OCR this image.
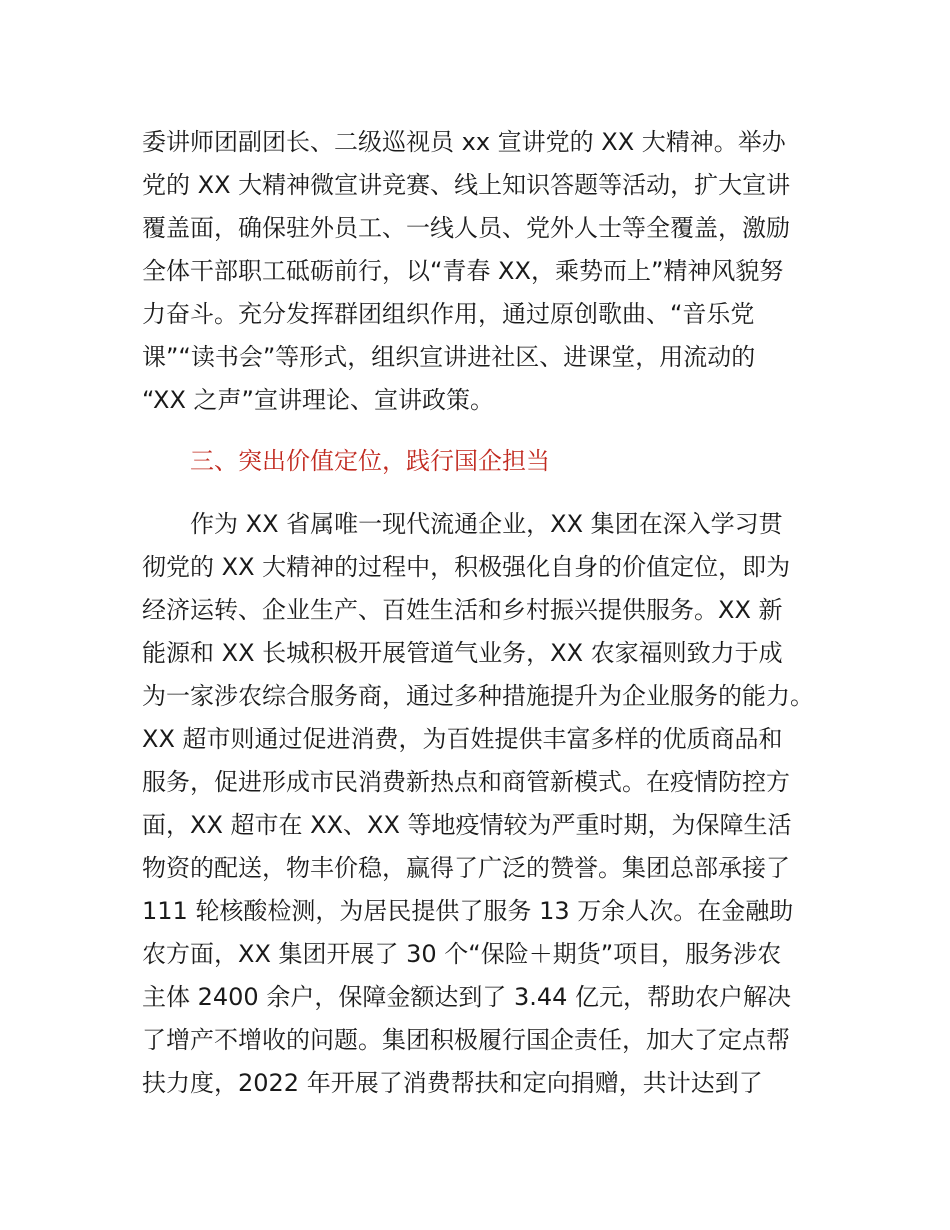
委讲师团副团长、二级巡视员 xx 宣讲党的 XX 大精神。举办
党的 XX 大精神微宣讲竞赛、线上知识答题等活动，扩大宣讲
覆盖面，确保驻外员工、一线人员、党外人士等全覆盖，激励
全体干部职工砥砺前行，以“青春 XX，乘势而上”精神风貌努
力奋斗。充分发挥群团组织作用，通过原创歌曲、“音乐党
课”“读书会”等形式，组织宣讲进社区、进课堂，用流动的
“XX 之声”宣讲理论、宣讲政策。
三、突出价值定位，践行国企担当
作为 XX 省属唯一现代流通企业，XX 集团在深入学习贯
彻党的 XX 大精神的过程中，积极强化自身的价值定位，即为
经济运转、企业生产、百姓生活和乡村振兴提供服务。XX 新
能源和 XX 长城积极开展管道气业务，XX 农家福则致力于成
为一家涉农综合服务商，通过多种措施提升为企业服务的能力。
XX 超市则通过促进消费，为百姓提供丰富多样的优质商品和
服务，促进形成市民消费新热点和商管新模式。在疫情防控方
面，XX 超市在 XX、XX 等地疫情较为严重时期，为保障生活
物资的配送，物丰价稳，赢得了广泛的赞誉。集团总部承接了
111 轮核酸检测，为居民提供了服务 13 万余人次。在金融助
农方面，XX 集团开展了 30 个“保险＋期货”项目，服务涉农
主体 2400 余户，保障金额达到了 3.44 亿元，帮助农户解决
了增产不增收的问题。集团积极履行国企责任，加大了定点帮
扶力度，2022 年开展了消费帮扶和定向捐赠，共计达到了
